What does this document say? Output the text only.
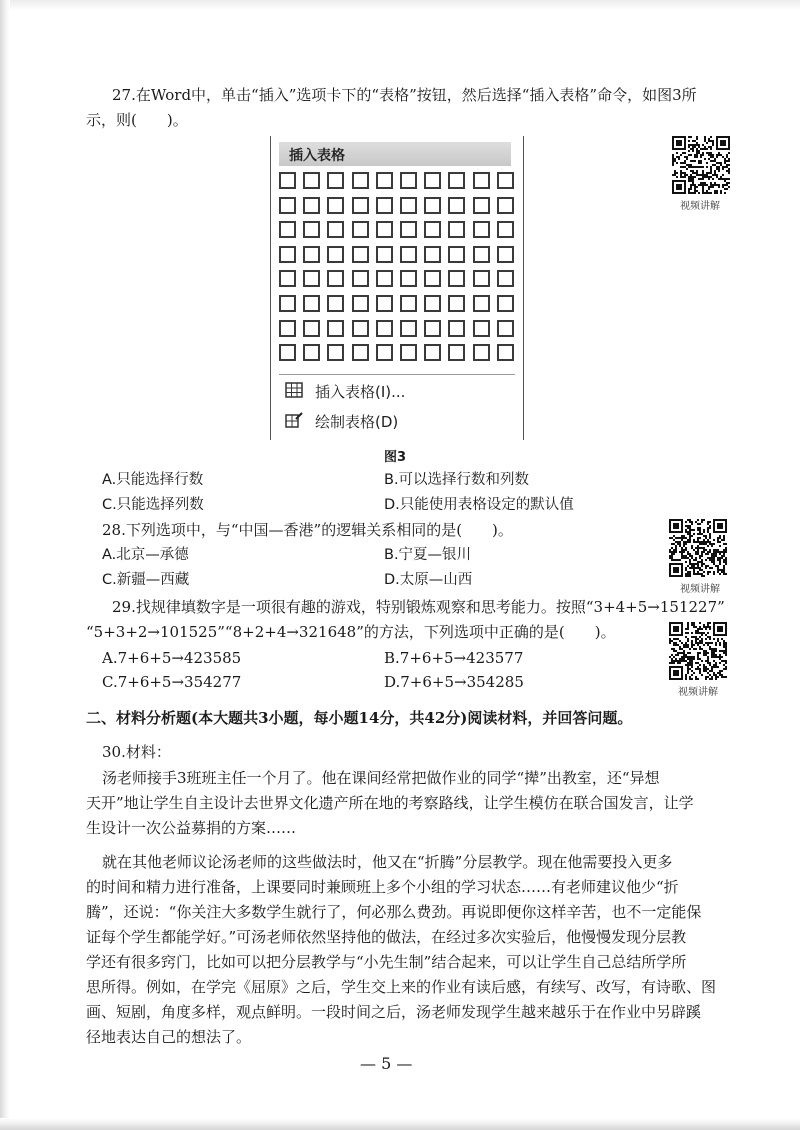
27.在Word中，单击“插入”选项卡下的“表格”按钮，然后选择“插入表格”命令，如图3所
示，则(　　)。
插入表格
插入表格(I)...
绘制表格(D)
图3
视频讲解
A.只能选择行数	B.可以选择行数和列数
C.只能选择列数	D.只能使用表格设定的默认值
28.下列选项中，与“中国—香港”的逻辑关系相同的是(　　)。
A.北京—承德	B.宁夏—银川
C.新疆—西藏	D.太原—山西
视频讲解
29.找规律填数字是一项很有趣的游戏，特别锻炼观察和思考能力。按照“3+4+5→151227”
“5+3+2→101525”“8+2+4→321648”的方法，下列选项中正确的是(　　)。
A.7+6+5→423585	B.7+6+5→423577
C.7+6+5→354277	D.7+6+5→354285
视频讲解
二、材料分析题(本大题共3小题，每小题14分，共42分)阅读材料，并回答问题。
30.材料：
汤老师接手3班班主任一个月了。他在课间经常把做作业的同学“撵”出教室，还“异想
天开”地让学生自主设计去世界文化遗产所在地的考察路线，让学生模仿在联合国发言，让学
生设计一次公益募捐的方案……
就在其他老师议论汤老师的这些做法时，他又在“折腾”分层教学。现在他需要投入更多
的时间和精力进行准备，上课要同时兼顾班上多个小组的学习状态……有老师建议他少“折
腾”，还说：“你关注大多数学生就行了，何必那么费劲。再说即便你这样辛苦，也不一定能保
证每个学生都能学好。”可汤老师依然坚持他的做法，在经过多次实验后，他慢慢发现分层教
学还有很多窍门，比如可以把分层教学与“小先生制”结合起来，可以让学生自己总结所学所
思所得。例如，在学完《屈原》之后，学生交上来的作业有读后感，有续写、改写，有诗歌、图
画、短剧，角度多样，观点鲜明。一段时间之后，汤老师发现学生越来越乐于在作业中另辟蹊
径地表达自己的想法了。
— 5 —
